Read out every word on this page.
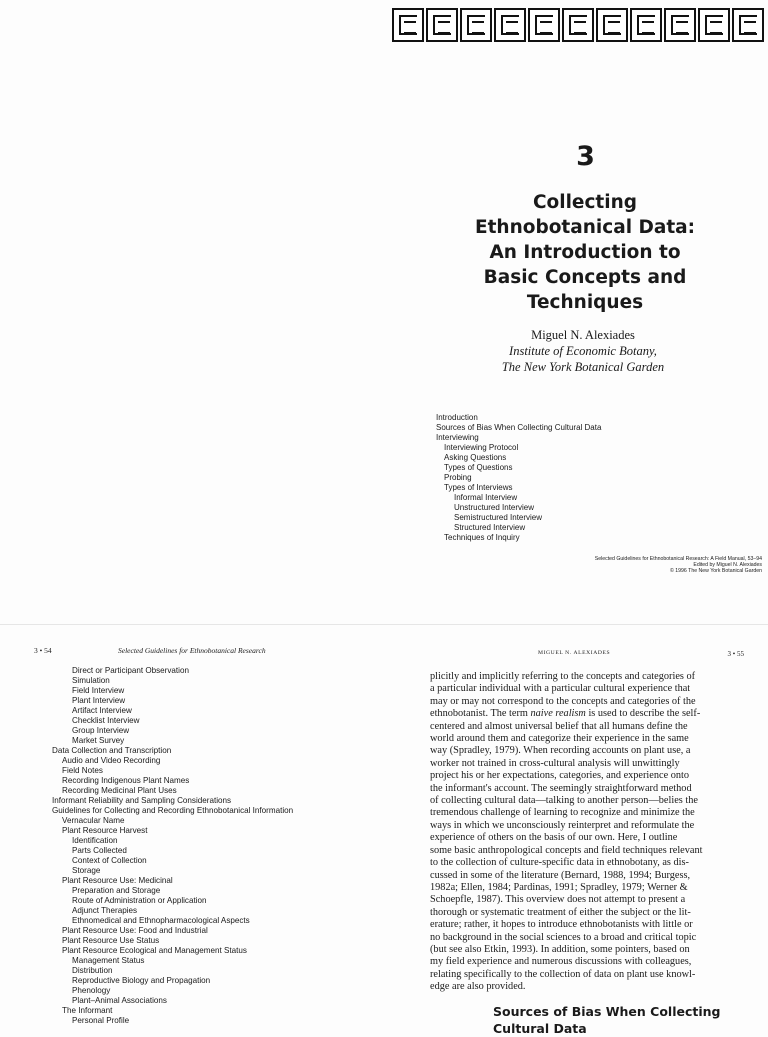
3
Collecting
Ethnobotanical Data:
An Introduction to
Basic Concepts and
Techniques
Miguel N. Alexiades
Institute of Economic Botany,
The New York Botanical Garden
Introduction
Sources of Bias When Collecting Cultural Data
Interviewing
Interviewing Protocol
Asking Questions
Types of Questions
Probing
Types of Interviews
Informal Interview
Unstructured Interview
Semistructured Interview
Structured Interview
Techniques of Inquiry
Selected Guidelines for Ethnobotanical Research: A Field Manual, 53–94
Edited by Miguel N. Alexiades
© 1996 The New York Botanical Garden
3 • 54	Selected Guidelines for Ethnobotanical Research
Direct or Participant Observation
Simulation
Field Interview
Plant Interview
Artifact Interview
Checklist Interview
Group Interview
Market Survey
Data Collection and Transcription
Audio and Video Recording
Field Notes
Recording Indigenous Plant Names
Recording Medicinal Plant Uses
Informant Reliability and Sampling Considerations
Guidelines for Collecting and Recording Ethnobotanical Information
Vernacular Name
Plant Resource Harvest
Identification
Parts Collected
Context of Collection
Storage
Plant Resource Use: Medicinal
Preparation and Storage
Route of Administration or Application
Adjunct Therapies
Ethnomedical and Ethnopharmacological Aspects
Plant Resource Use: Food and Industrial
Plant Resource Use Status
Plant Resource Ecological and Management Status
Management Status
Distribution
Reproductive Biology and Propagation
Phenology
Plant–Animal Associations
The Informant
Personal Profile
MIGUEL N. ALEXIADES	3 • 55
plicitly and implicitly referring to the concepts and categories of
a particular individual with a particular cultural experience that
may or may not correspond to the concepts and categories of the
ethnobotanist. The term naive realism is used to describe the self-
centered and almost universal belief that all humans define the
world around them and categorize their experience in the same
way (Spradley, 1979). When recording accounts on plant use, a
worker not trained in cross-cultural analysis will unwittingly
project his or her expectations, categories, and experience onto
the informant's account. The seemingly straightforward method
of collecting cultural data—talking to another person—belies the
tremendous challenge of learning to recognize and minimize the
ways in which we unconsciously reinterpret and reformulate the
experience of others on the basis of our own. Here, I outline
some basic anthropological concepts and field techniques relevant
to the collection of culture-specific data in ethnobotany, as dis-
cussed in some of the literature (Bernard, 1988, 1994; Burgess,
1982a; Ellen, 1984; Pardinas, 1991; Spradley, 1979; Werner &
Schoepfle, 1987). This overview does not attempt to present a
thorough or systematic treatment of either the subject or the lit-
erature; rather, it hopes to introduce ethnobotanists with little or
no background in the social sciences to a broad and critical topic
(but see also Etkin, 1993). In addition, some pointers, based on
my field experience and numerous discussions with colleagues,
relating specifically to the collection of data on plant use knowl-
edge are also provided.
Sources of Bias When Collecting
Cultural Data
